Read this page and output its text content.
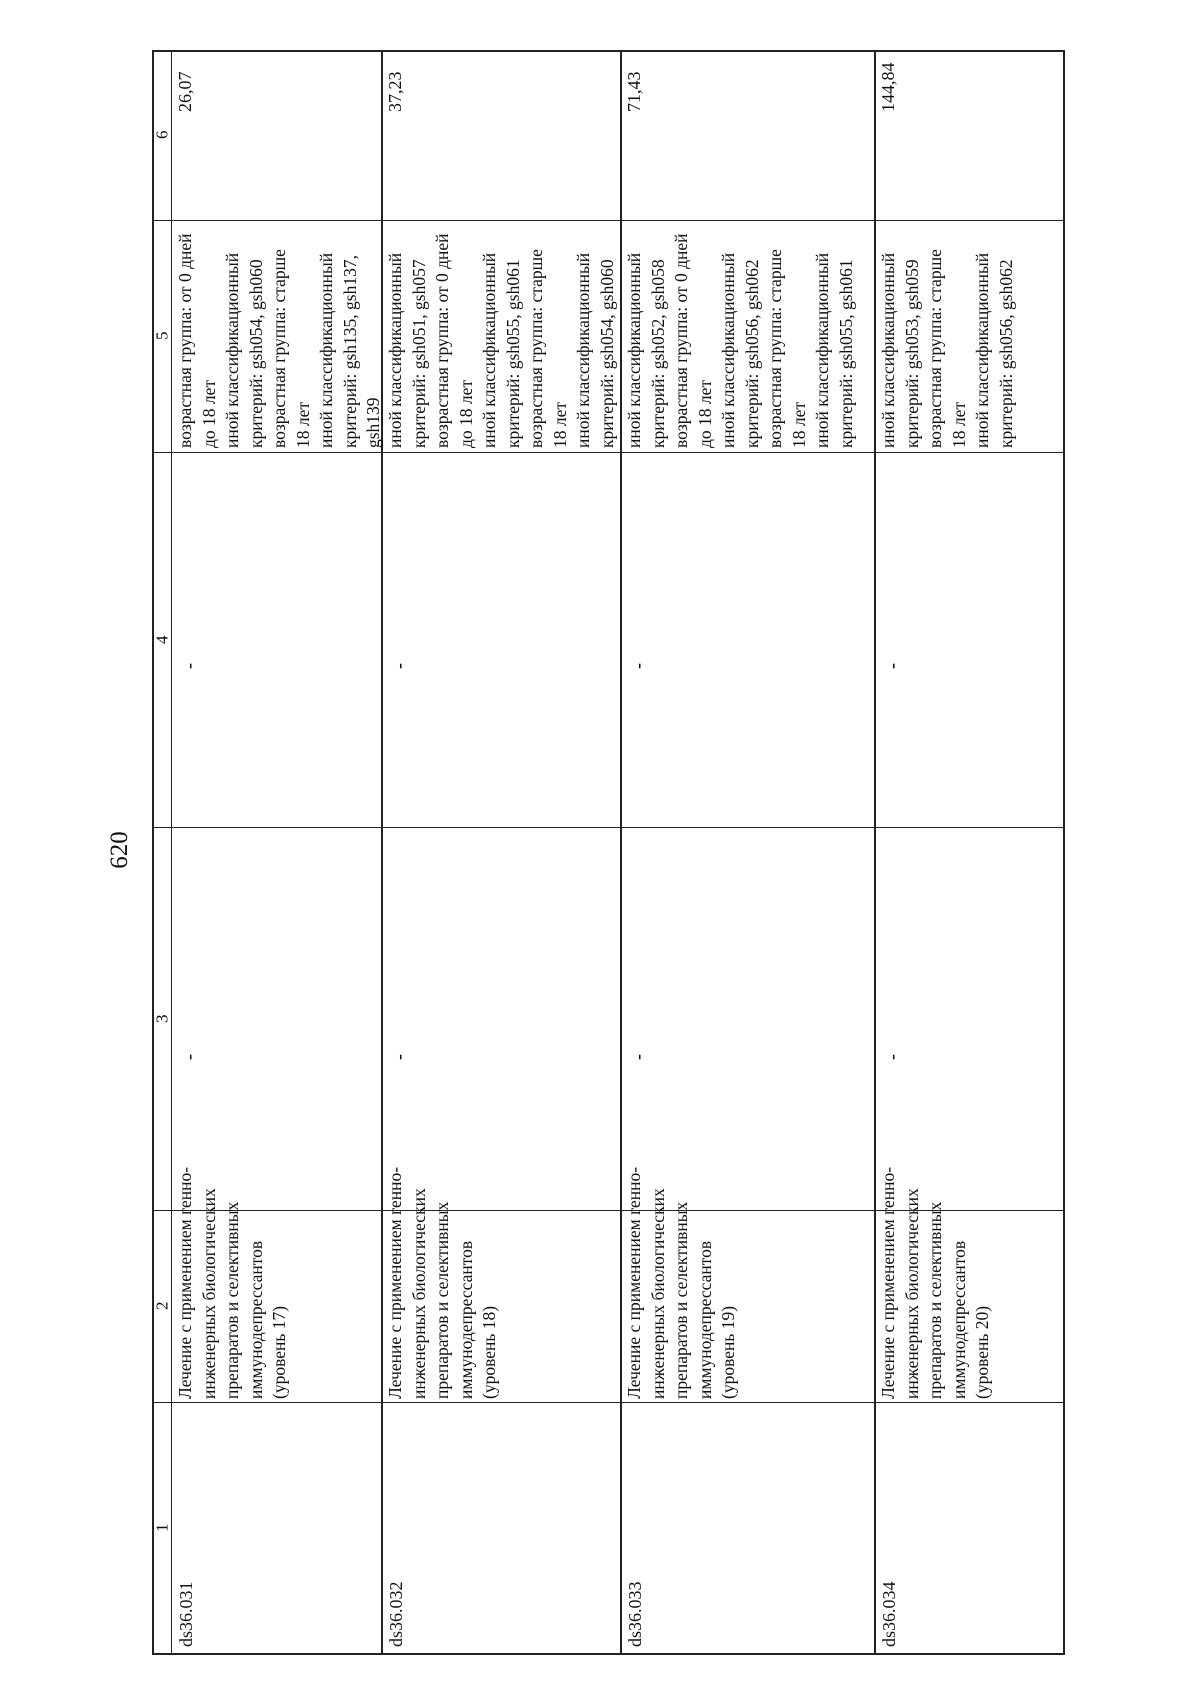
620
1
2
3
4
5
6
ds36.031
Лечение с применением генно-
инженерных биологических
препаратов и селективных
иммунодепрессантов
(уровень 17)
-
-
возрастная группа: от 0 дней
до 18 лет
иной классификационный
критерий: gsh054, gsh060
возрастная группа: старше
18 лет
иной классификационный
критерий: gsh135, gsh137,
gsh139
26,07
ds36.032
Лечение с применением генно-
инженерных биологических
препаратов и селективных
иммунодепрессантов
(уровень 18)
-
-
иной классификационный
критерий: gsh051, gsh057
возрастная группа: от 0 дней
до 18 лет
иной классификационный
критерий: gsh055, gsh061
возрастная группа: старше
18 лет
иной классификационный
критерий: gsh054, gsh060
37,23
ds36.033
Лечение с применением генно-
инженерных биологических
препаратов и селективных
иммунодепрессантов
(уровень 19)
-
-
иной классификационный
критерий: gsh052, gsh058
возрастная группа: от 0 дней
до 18 лет
иной классификационный
критерий: gsh056, gsh062
возрастная группа: старше
18 лет
иной классификационный
критерий: gsh055, gsh061
71,43
ds36.034
Лечение с применением генно-
инженерных биологических
препаратов и селективных
иммунодепрессантов
(уровень 20)
-
-
иной классификационный
критерий: gsh053, gsh059
возрастная группа: старше
18 лет
иной классификационный
критерий: gsh056, gsh062
144,84
